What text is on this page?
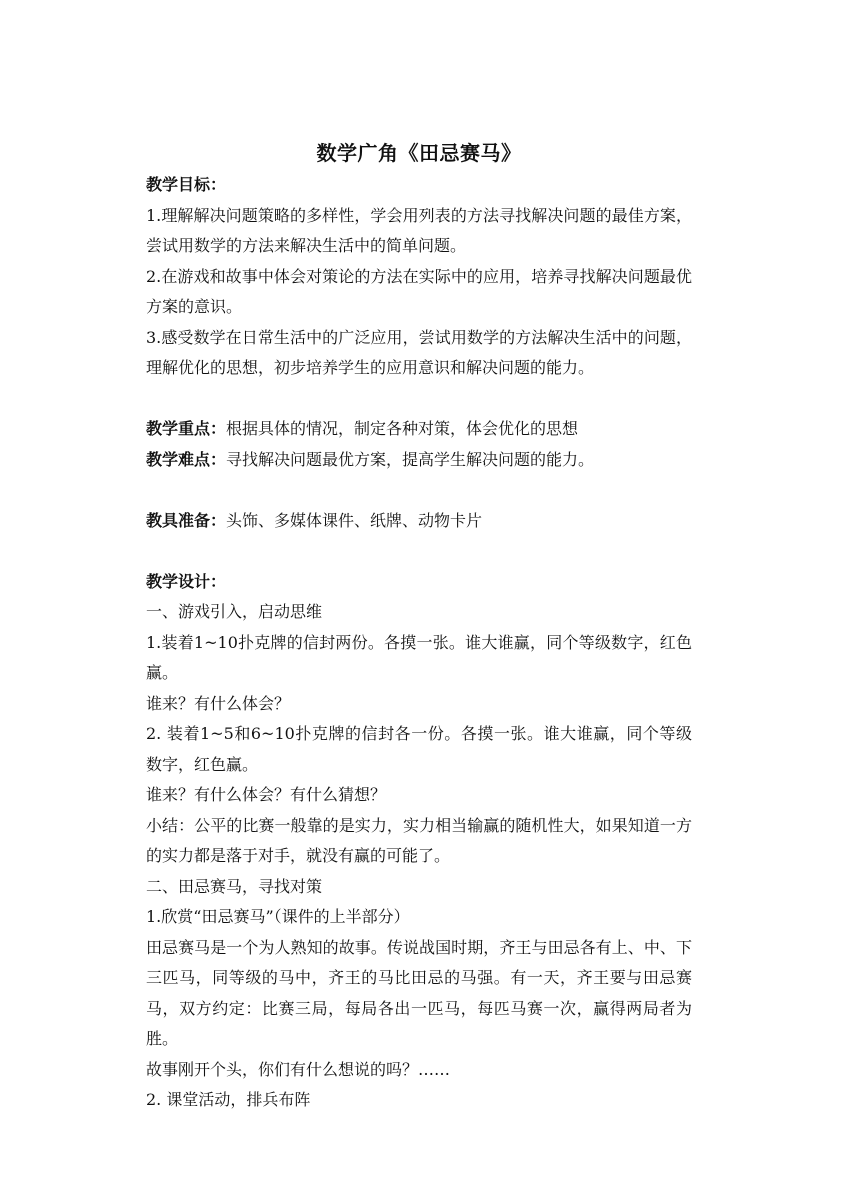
数学广角《田忌赛马》

教学目标：

1.理解解决问题策略的多样性，学会用列表的方法寻找解决问题的最佳方案，尝试用数学的方法来解决生活中的简单问题。

2.在游戏和故事中体会对策论的方法在实际中的应用，培养寻找解决问题最优方案的意识。

3.感受数学在日常生活中的广泛应用，尝试用数学的方法解决生活中的问题，理解优化的思想，初步培养学生的应用意识和解决问题的能力。

教学重点：根据具体的情况，制定各种对策，体会优化的思想

教学难点：寻找解决问题最优方案，提高学生解决问题的能力。

教具准备：头饰、多媒体课件、纸牌、动物卡片

教学设计：

一、游戏引入，启动思维

1.装着1~10扑克牌的信封两份。各摸一张。谁大谁赢，同个等级数字，红色赢。

谁来？有什么体会？

2. 装着1~5和6~10扑克牌的信封各一份。各摸一张。谁大谁赢，同个等级数字，红色赢。

谁来？有什么体会？有什么猜想？

小结：公平的比赛一般靠的是实力，实力相当输赢的随机性大，如果知道一方的实力都是落于对手，就没有赢的可能了。

二、田忌赛马，寻找对策

1.欣赏“田忌赛马”（课件的上半部分）

田忌赛马是一个为人熟知的故事。传说战国时期，齐王与田忌各有上、中、下三匹马，同等级的马中，齐王的马比田忌的马强。有一天，齐王要与田忌赛马，双方约定：比赛三局，每局各出一匹马，每匹马赛一次，赢得两局者为胜。

故事刚开个头，你们有什么想说的吗？……

2. 课堂活动，排兵布阵
